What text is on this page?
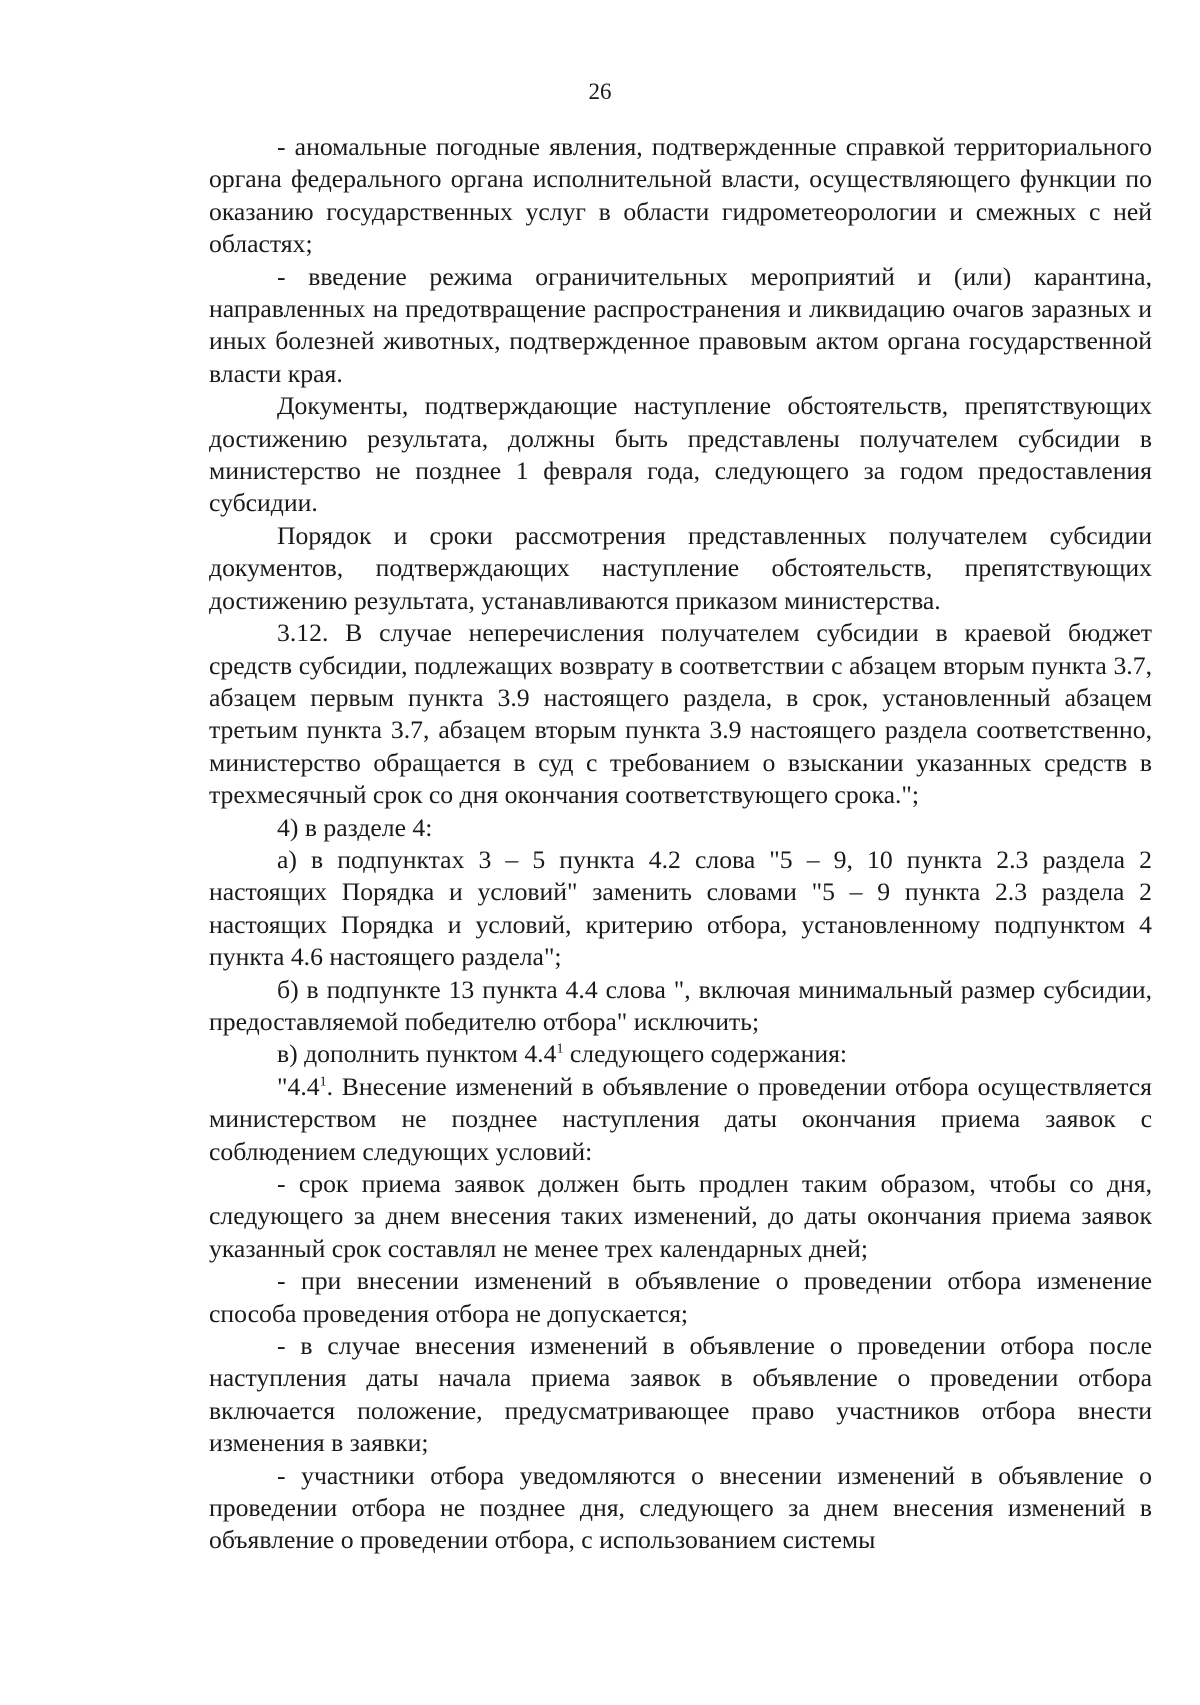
26

- аномальные погодные явления, подтвержденные справкой территориального органа федерального органа исполнительной власти, осуществляющего функции по оказанию государственных услуг в области гидрометеорологии и смежных с ней областях;

- введение режима ограничительных мероприятий и (или) карантина, направленных на предотвращение распространения и ликвидацию очагов заразных и иных болезней животных, подтвержденное правовым актом органа государственной власти края.

Документы, подтверждающие наступление обстоятельств, препятствующих достижению результата, должны быть представлены получателем субсидии в министерство не позднее 1 февраля года, следующего за годом предоставления субсидии.

Порядок и сроки рассмотрения представленных получателем субсидии документов, подтверждающих наступление обстоятельств, препятствующих достижению результата, устанавливаются приказом министерства.

3.12. В случае неперечисления получателем субсидии в краевой бюджет средств субсидии, подлежащих возврату в соответствии с абзацем вторым пункта 3.7, абзацем первым пункта 3.9 настоящего раздела, в срок, установленный абзацем третьим пункта 3.7, абзацем вторым пункта 3.9 настоящего раздела соответственно, министерство обращается в суд с требованием о взыскании указанных средств в трехмесячный срок со дня окончания соответствующего срока.";

4) в разделе 4:

а) в подпунктах 3 – 5 пункта 4.2 слова "5 – 9, 10 пункта 2.3 раздела 2 настоящих Порядка и условий" заменить словами "5 – 9 пункта 2.3 раздела 2 настоящих Порядка и условий, критерию отбора, установленному подпунктом 4 пункта 4.6 настоящего раздела";

б) в подпункте 13 пункта 4.4 слова ", включая минимальный размер субсидии, предоставляемой победителю отбора" исключить;

в) дополнить пунктом $4.4^1$ следующего содержания:

"$4.4^1$. Внесение изменений в объявление о проведении отбора осуществляется министерством не позднее наступления даты окончания приема заявок с соблюдением следующих условий:

- срок приема заявок должен быть продлен таким образом, чтобы со дня, следующего за днем внесения таких изменений, до даты окончания приема заявок указанный срок составлял не менее трех календарных дней;

- при внесении изменений в объявление о проведении отбора изменение способа проведения отбора не допускается;

- в случае внесения изменений в объявление о проведении отбора после наступления даты начала приема заявок в объявление о проведении отбора включается положение, предусматривающее право участников отбора внести изменения в заявки;

- участники отбора уведомляются о внесении изменений в объявление о проведении отбора не позднее дня, следующего за днем внесения изменений в объявление о проведении отбора, с использованием системы
